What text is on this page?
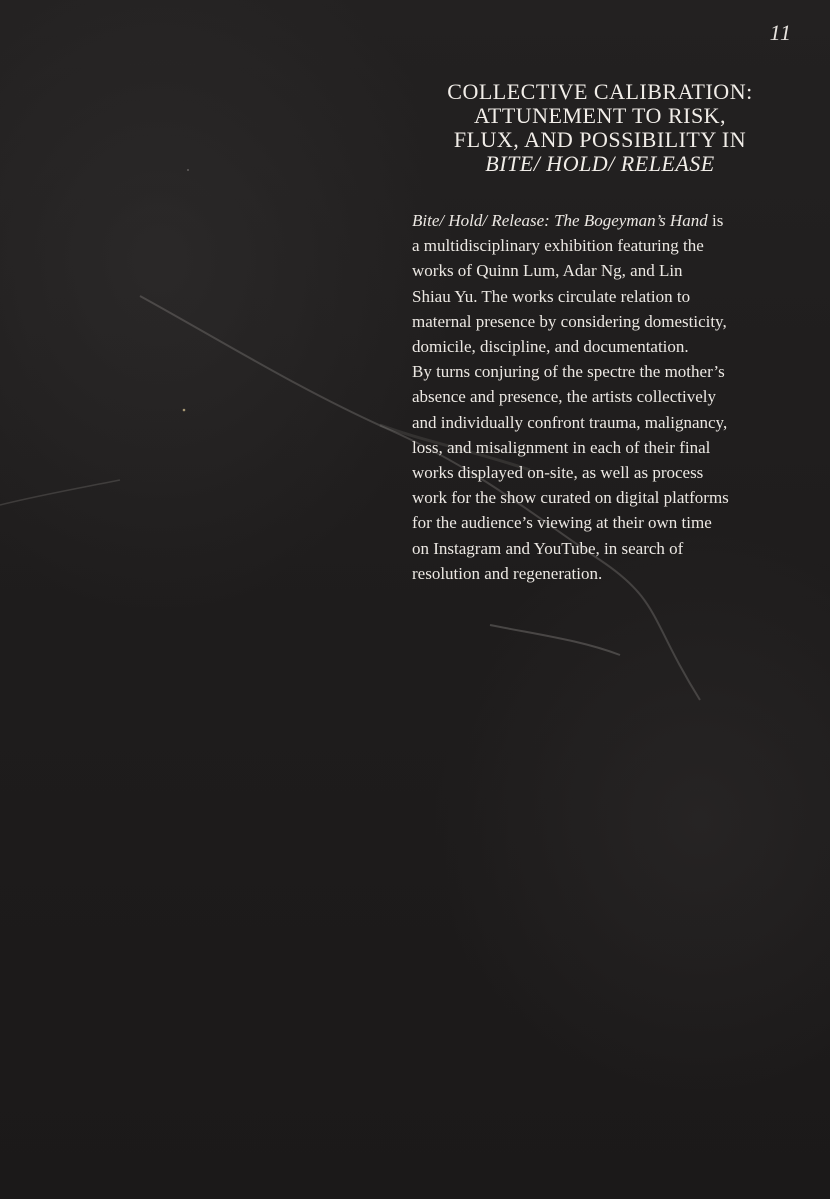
11
COLLECTIVE CALIBRATION:
ATTUNEMENT TO RISK,
FLUX, AND POSSIBILITY IN
BITE/ HOLD/ RELEASE
Bite/ Hold/ Release: The Bogeyman’s Hand is
a multidisciplinary exhibition featuring the
works of Quinn Lum, Adar Ng, and Lin
Shiau Yu. The works circulate relation to
maternal presence by considering domesticity,
domicile, discipline, and documentation.
By turns conjuring of the spectre the mother’s
absence and presence, the artists collectively
and individually confront trauma, malignancy,
loss, and misalignment in each of their final
works displayed on-site, as well as process
work for the show curated on digital platforms
for the audience’s viewing at their own time
on Instagram and YouTube, in search of
resolution and regeneration.
